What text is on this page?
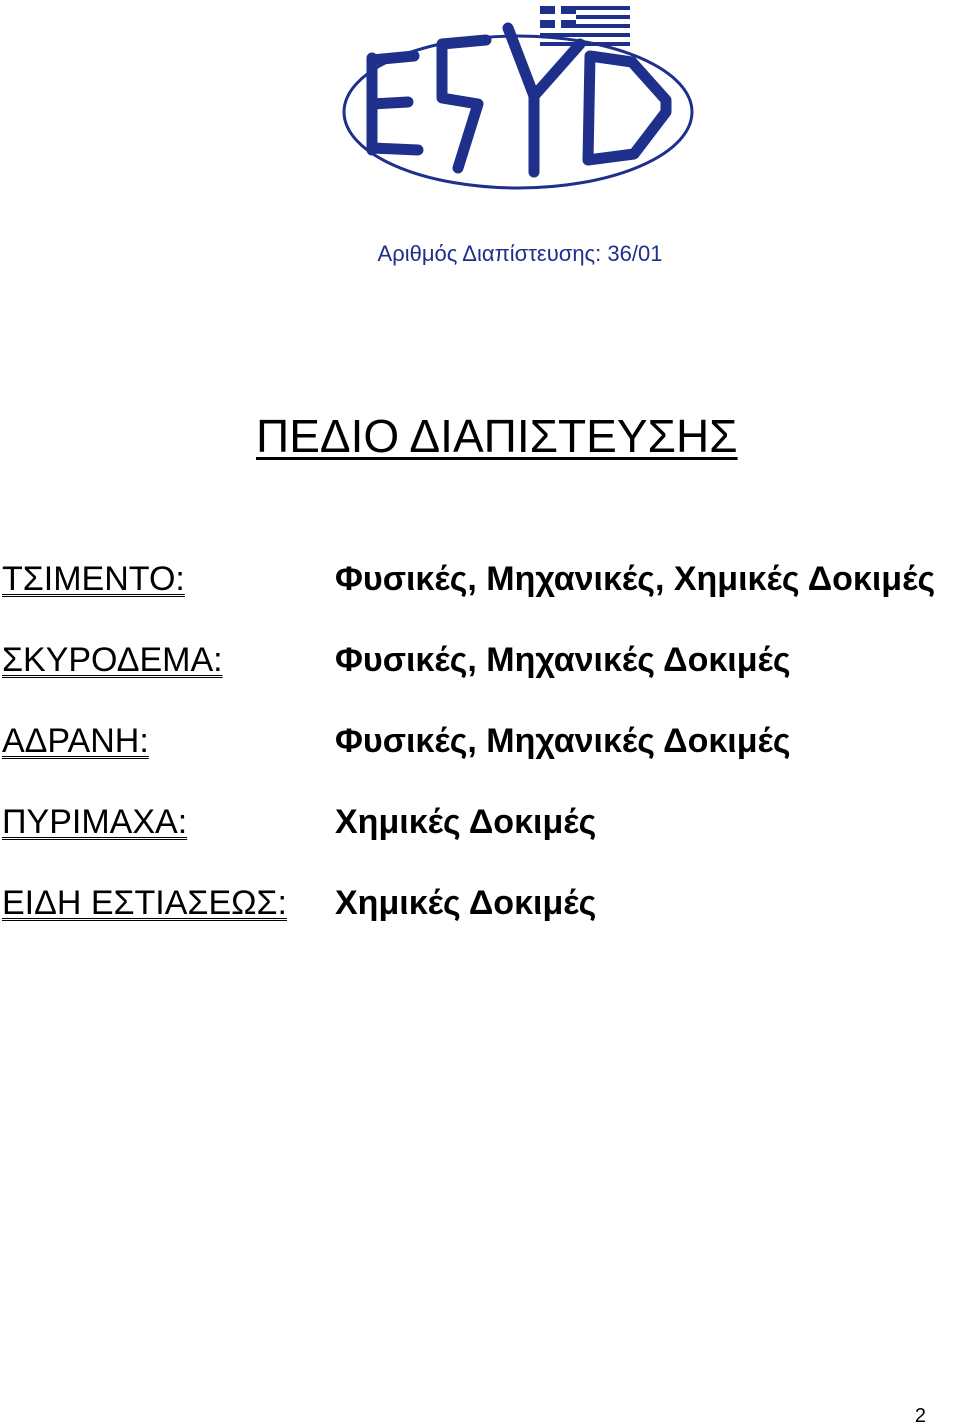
Αριθμός Διαπίστευσης: 36/01
ΠΕΔΙΟ ΔΙΑΠΙΣΤΕΥΣΗΣ
ΤΣΙΜΕΝΤΟ:	Φυσικές, Μηχανικές, Χημικές Δοκιμές
ΣΚΥΡΟΔΕΜΑ:	Φυσικές, Μηχανικές Δοκιμές
ΑΔΡΑΝΗ:	Φυσικές, Μηχανικές Δοκιμές
ΠΥΡΙΜΑΧΑ:	Χημικές Δοκιμές
ΕΙΔΗ ΕΣΤΙΑΣΕΩΣ: Χημικές Δοκιμές
2
